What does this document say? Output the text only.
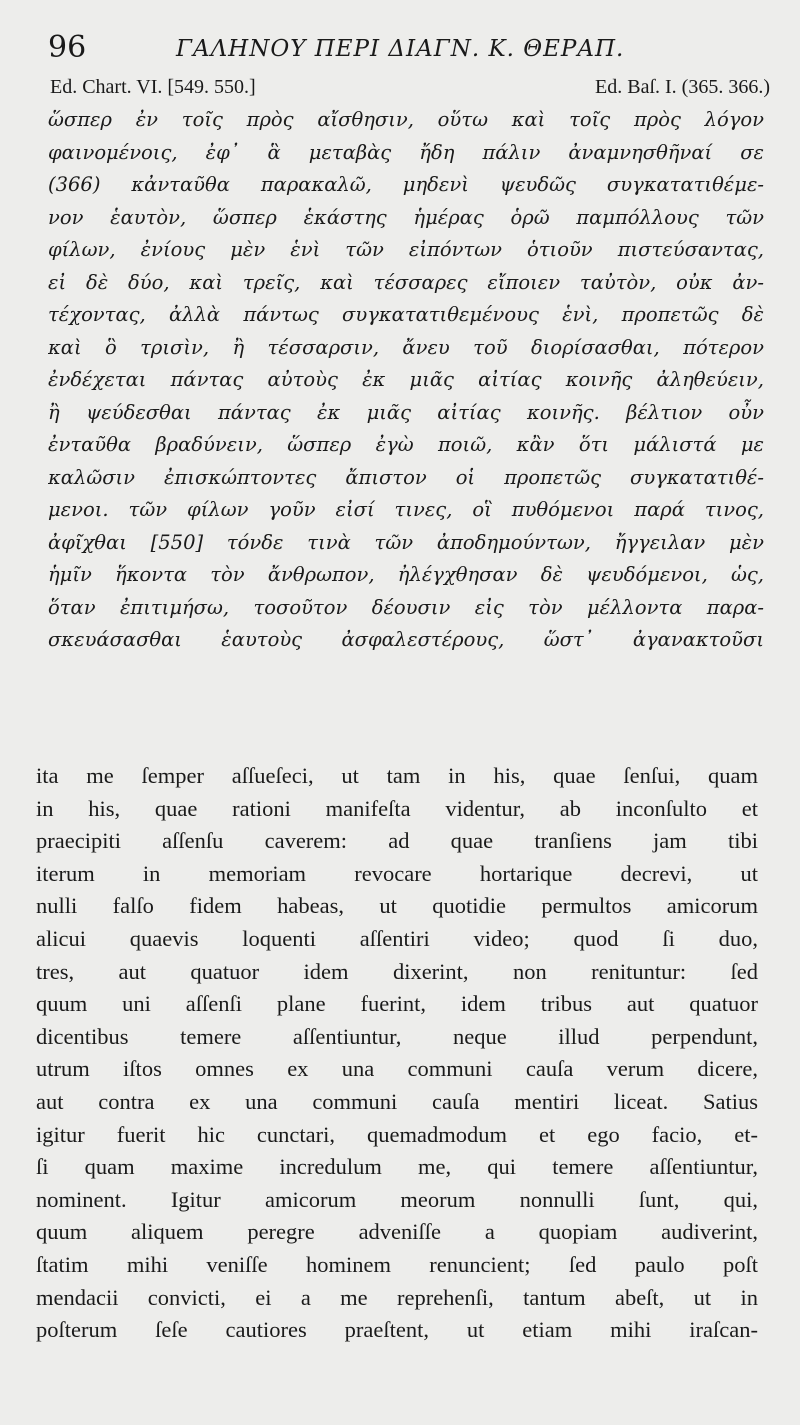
96	ΓΑΛΗΝΟΥ ΠΕΡΙ ΔΙΑΓΝ. Κ. ΘΕΡΑΠ.
Ed. Chart. VI. [549. 550.]	Ed. Baſ. I. (365. 366.)
ὥσπερ ἐν τοῖς πρὸς αἴσθησιν, οὕτω καὶ τοῖς πρὸς λόγον
φαινομένοις, ἐφ᾽ ἃ μεταβὰς ἤδη πάλιν ἀναμνησθῆναί σε
(366) κἀνταῦθα παρακαλῶ, μηδενὶ ψευδῶς συγκατατιθέμε-
νον ἑαυτὸν, ὥσπερ ἑκάστης ἡμέρας ὁρῶ παμπόλλους τῶν
φίλων, ἐνίους μὲν ἑνὶ τῶν εἰπόντων ὁτιοῦν πιστεύσαντας,
εἰ δὲ δύο, καὶ τρεῖς, καὶ τέσσαρες εἴποιεν ταὐτὸν, οὐκ ἀν-
τέχοντας, ἀλλὰ πάντως συγκατατιθεμένους ἑνὶ, προπετῶς δὲ
καὶ ὃ τρισὶν, ἢ τέσσαρσιν, ἄνευ τοῦ διορίσασθαι, πότερον
ἐνδέχεται πάντας αὐτοὺς ἐκ μιᾶς αἰτίας κοινῆς ἀληθεύειν,
ἢ ψεύδεσθαι πάντας ἐκ μιᾶς αἰτίας κοινῆς. βέλτιον οὖν
ἐνταῦθα βραδύνειν, ὥσπερ ἐγὼ ποιῶ, κἂν ὅτι μάλιστά με
καλῶσιν ἐπισκώπτοντες ἄπιστον οἱ προπετῶς συγκατατιθέ-
μενοι. τῶν φίλων γοῦν εἰσί τινες, οἳ πυθόμενοι παρά τινος,
ἀφῖχθαι [550] τόνδε τινὰ τῶν ἀποδημούντων, ἤγγειλαν μὲν
ἡμῖν ἥκοντα τὸν ἄνθρωπον, ἠλέγχθησαν δὲ ψευδόμενοι, ὡς,
ὅταν ἐπιτιμήσω, τοσοῦτον δέουσιν εἰς τὸν μέλλοντα παρα-
σκευάσασθαι ἑαυτοὺς ἀσφαλεστέρους, ὥστ᾽ ἀγανακτοῦσι
ita me ſemper aſſueſeci, ut tam in his, quae ſenſui, quam
in his, quae rationi manifeſta videntur, ab inconſulto et
praecipiti aſſenſu caverem: ad quae tranſiens jam tibi
iterum in memoriam revocare hortarique decrevi, ut
nulli falſo fidem habeas, ut quotidie permultos amicorum
alicui quaevis loquenti aſſentiri video; quod ſi duo,
tres, aut quatuor idem dixerint, non renituntur: ſed
quum uni aſſenſi plane fuerint, idem tribus aut quatuor
dicentibus temere aſſentiuntur, neque illud perpendunt,
utrum iſtos omnes ex una communi cauſa verum dicere,
aut contra ex una communi cauſa mentiri liceat. Satius
igitur fuerit hic cunctari, quemadmodum et ego facio, et-
ſi quam maxime incredulum me, qui temere aſſentiuntur,
nominent. Igitur amicorum meorum nonnulli ſunt, qui,
quum aliquem peregre adveniſſe a quopiam audiverint,
ſtatim mihi veniſſe hominem renuncient; ſed paulo poſt
mendacii convicti, ei a me reprehenſi, tantum abeſt, ut in
poſterum ſeſe cautiores praeſtent, ut etiam mihi iraſcan-
